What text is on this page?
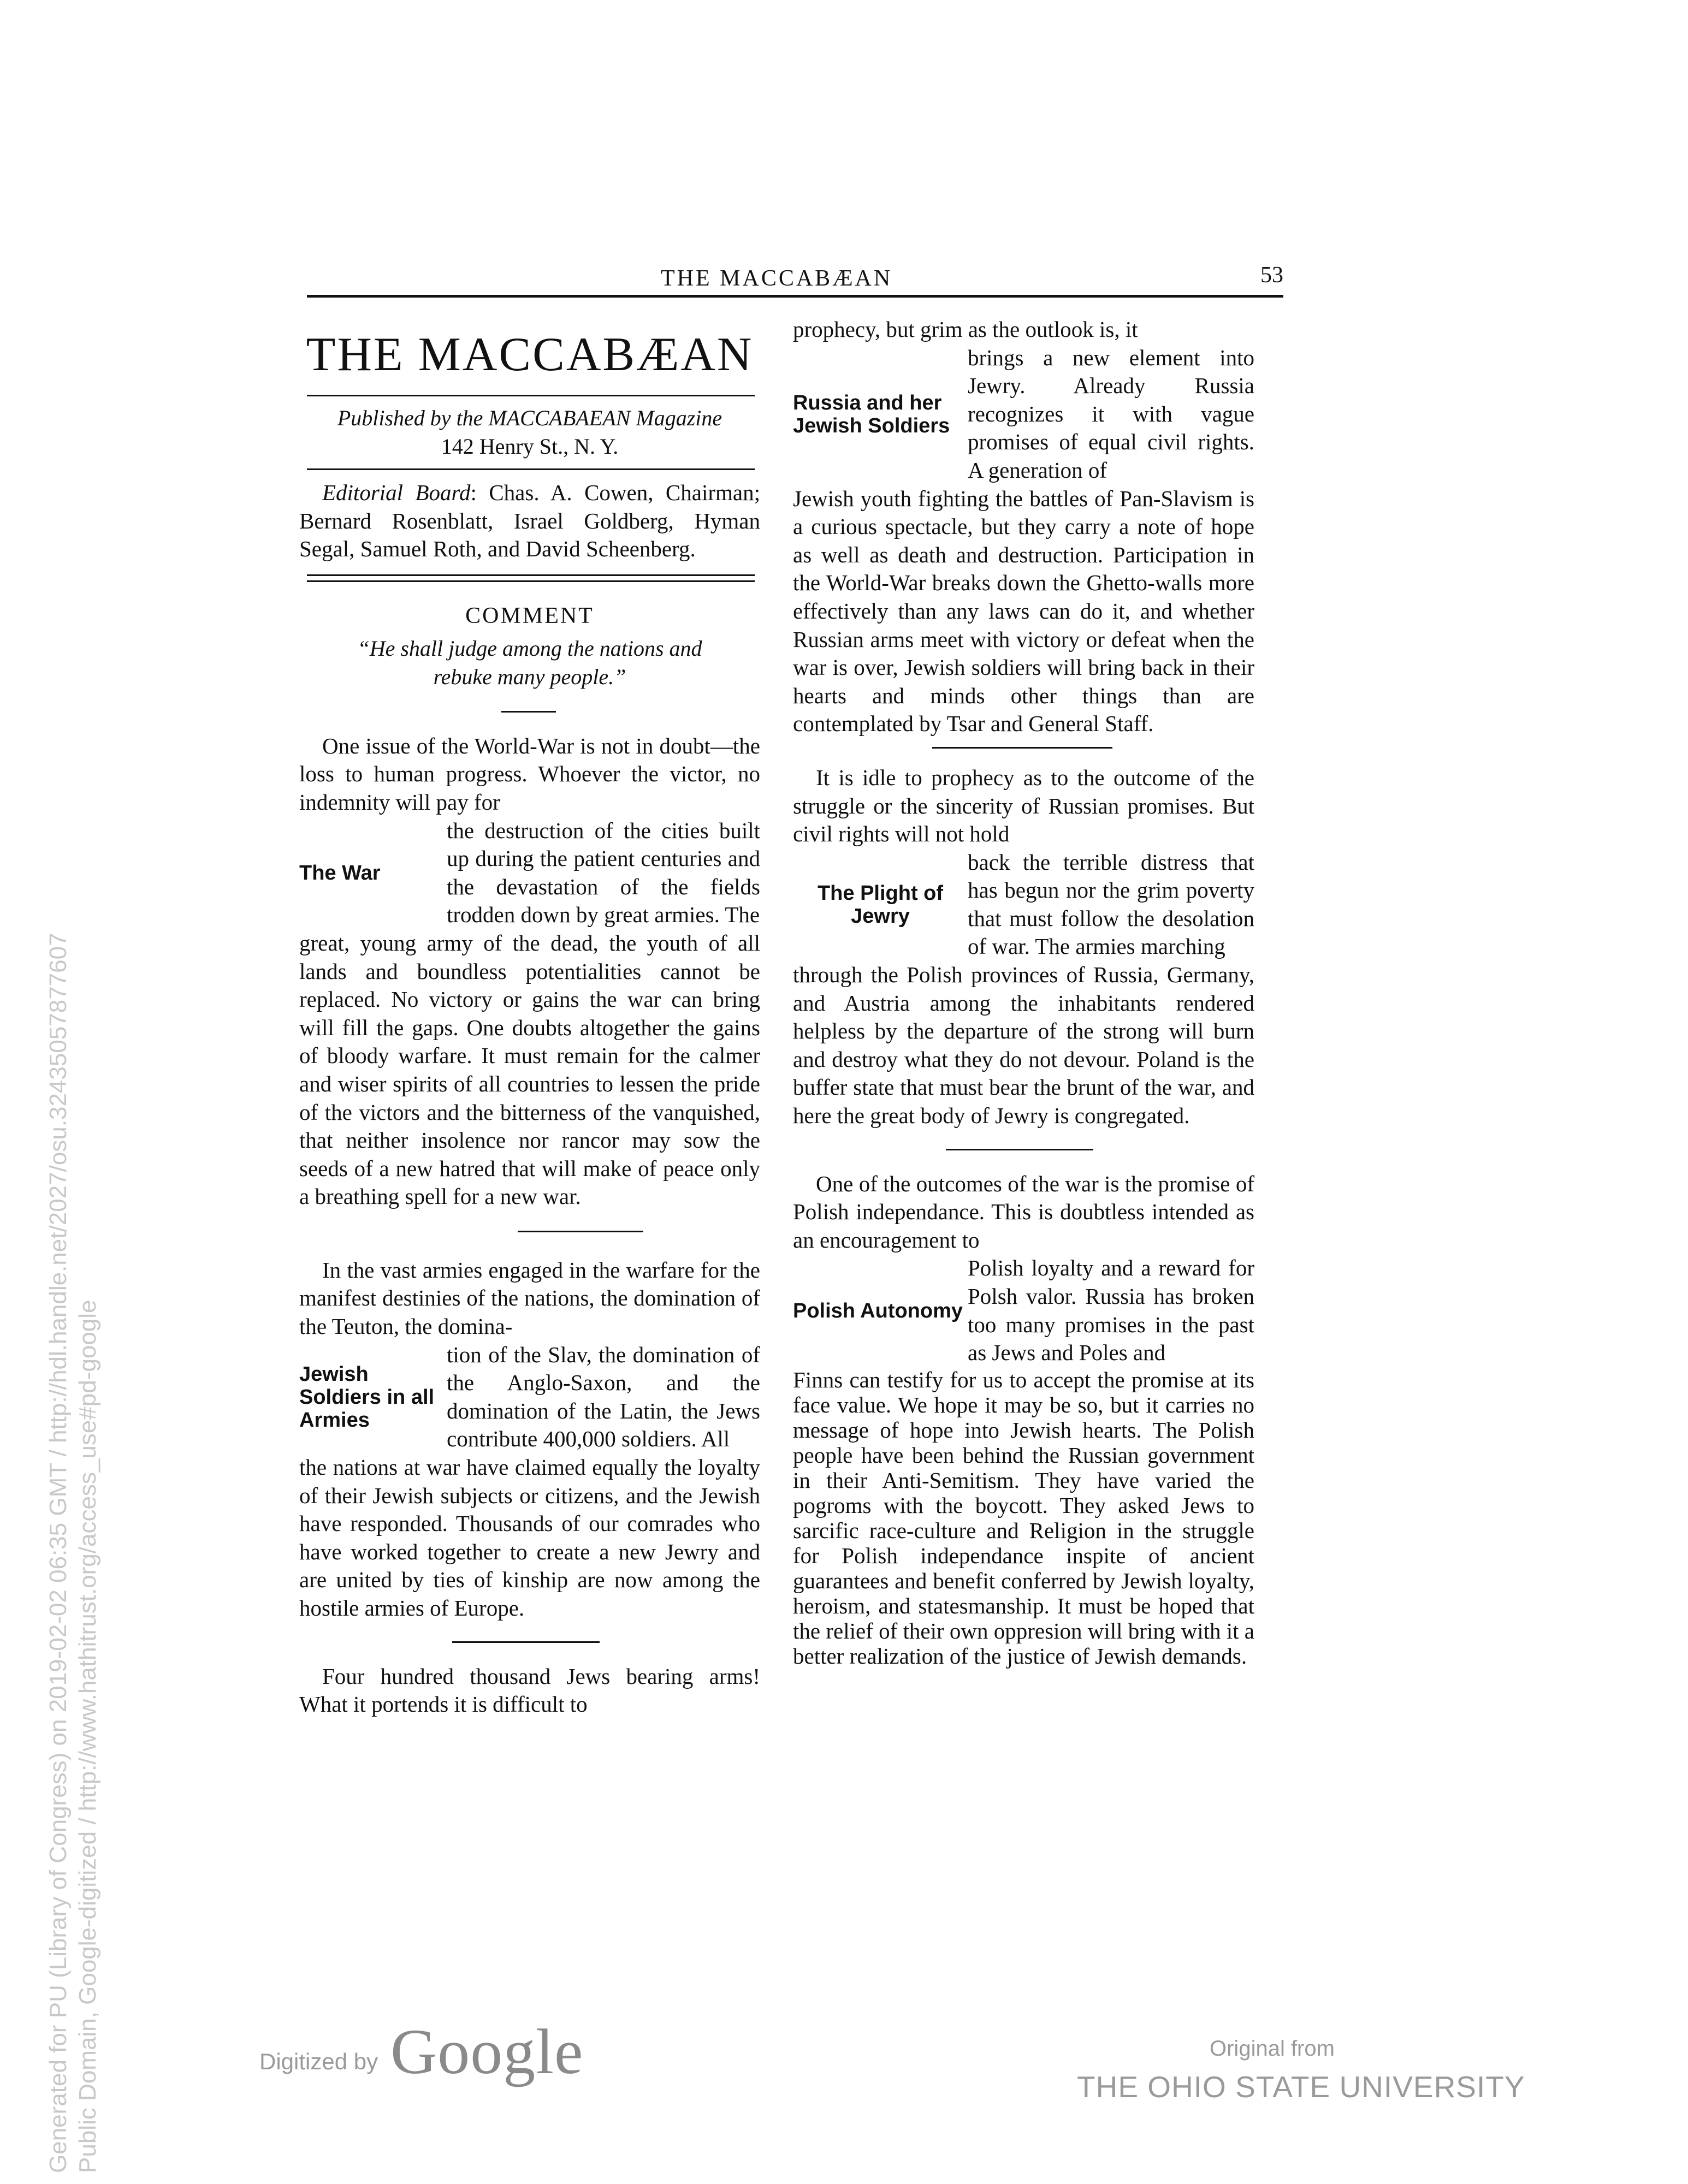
THE MACCABÆAN	53
THE MACCABÆAN
Published by the MACCABAEAN Magazine
142 Henry St., N. Y.

Editorial Board: Chas. A. Cowen, Chairman; Bernard Rosenblatt, Israel Goldberg, Hyman Segal, Samuel Roth, and David Scheenberg.

COMMENT
“He shall judge among the nations and rebuke many people.”

One issue of the World-War is not in doubt—the loss to human progress. Whoever the victor, no indemnity will pay for

The War

the destruction of the cities built up during the patient centuries and the devastation of the fields trodden down by great armies. The

great, young army of the dead, the youth of all lands and boundless potentialities cannot be replaced. No victory or gains the war can bring will fill the gaps. One doubts altogether the gains of bloody warfare. It must remain for the calmer and wiser spirits of all countries to lessen the pride of the victors and the bitterness of the vanquished, that neither insolence nor rancor may sow the seeds of a new hatred that will make of peace only a breathing spell for a new war.

In the vast armies engaged in the warfare for the manifest destinies of the nations, the domination of the Teuton, the domina-

Jewish Soldiers in all Armies

tion of the Slav, the domination of the Anglo-Saxon, and the domination of the Latin, the Jews contribute 400,000 soldiers. All

the nations at war have claimed equally the loyalty of their Jewish subjects or citizens, and the Jewish have responded. Thousands of our comrades who have worked together to create a new Jewry and are united by ties of kinship are now among the hostile armies of Europe.

Four hundred thousand Jews bearing arms! What it portends it is difficult to

prophecy, but grim as the outlook is, it

Russia and her Jewish Soldiers

brings a new element into Jewry. Already Russia recognizes it with vague promises of equal civil rights. A generation of

Jewish youth fighting the battles of Pan-Slavism is a curious spectacle, but they carry a note of hope as well as death and destruction. Participation in the World-War breaks down the Ghetto-walls more effectively than any laws can do it, and whether Russian arms meet with victory or defeat when the war is over, Jewish soldiers will bring back in their hearts and minds other things than are contemplated by Tsar and General Staff.

It is idle to prophecy as to the outcome of the struggle or the sincerity of Russian promises. But civil rights will not hold

The Plight of Jewry

back the terrible distress that has begun nor the grim poverty that must follow the desolation of war. The armies marching

through the Polish provinces of Russia, Germany, and Austria among the inhabitants rendered helpless by the departure of the strong will burn and destroy what they do not devour. Poland is the buffer state that must bear the brunt of the war, and here the great body of Jewry is congregated.

One of the outcomes of the war is the promise of Polish independance. This is doubtless intended as an encouragement to

Polish Autonomy

Polish loyalty and a reward for Polsh valor. Russia has broken too many promises in the past as Jews and Poles and

Finns can testify for us to accept the promise at its face value. We hope it may be so, but it carries no message of hope into Jewish hearts. The Polish people have been behind the Russian government in their Anti-Semitism. They have varied the pogroms with the boycott. They asked Jews to sarcific race-culture and Religion in the struggle for Polish independance inspite of ancient guarantees and benefit conferred by Jewish loyalty, heroism, and statesmanship. It must be hoped that the relief of their own oppresion will bring with it a better realization of the justice of Jewish demands.

Digitized by Google	Original from
THE OHIO STATE UNIVERSITY
Generated for PU (Library of Congress) on 2019-02-02 06:35 GMT / http://hdl.handle.net/2027/osu.32435057877607 Public Domain, Google-digitized / http://www.hathitrust.org/access_use#pd-google
